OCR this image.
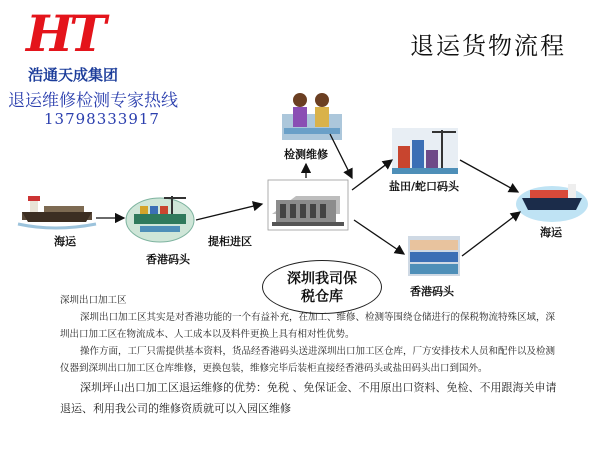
HT
浩通天成集团
退运维修检测专家热线
13798333917
退运货物流程
海运
香港码头
提柜进区
检测维修
盐田/蛇口码头
香港码头
海运
深圳我司保
税仓库

深圳出口加工区

深圳出口加工区其实是对香港功能的一个有益补充，在加工、维修、检测等围绕仓储进行的保税物流特殊区域，深圳出口加工区在物流成本、人工成本以及料件更换上具有相对性优势。

操作方面，工厂只需提供基本资料，货品经香港码头送进深圳出口加工区仓库，厂方安排技术人员和配件以及检测仪器到深圳出口加工区仓库维修，更换包装，维修完毕后装柜直接经香港码头或盐田码头出口到国外。

深圳坪山出口加工区退运维修的优势：免税 、免保证金、不用原出口资料、免检、不用跟海关申请退运、利用我公司的维修资质就可以入园区维修
